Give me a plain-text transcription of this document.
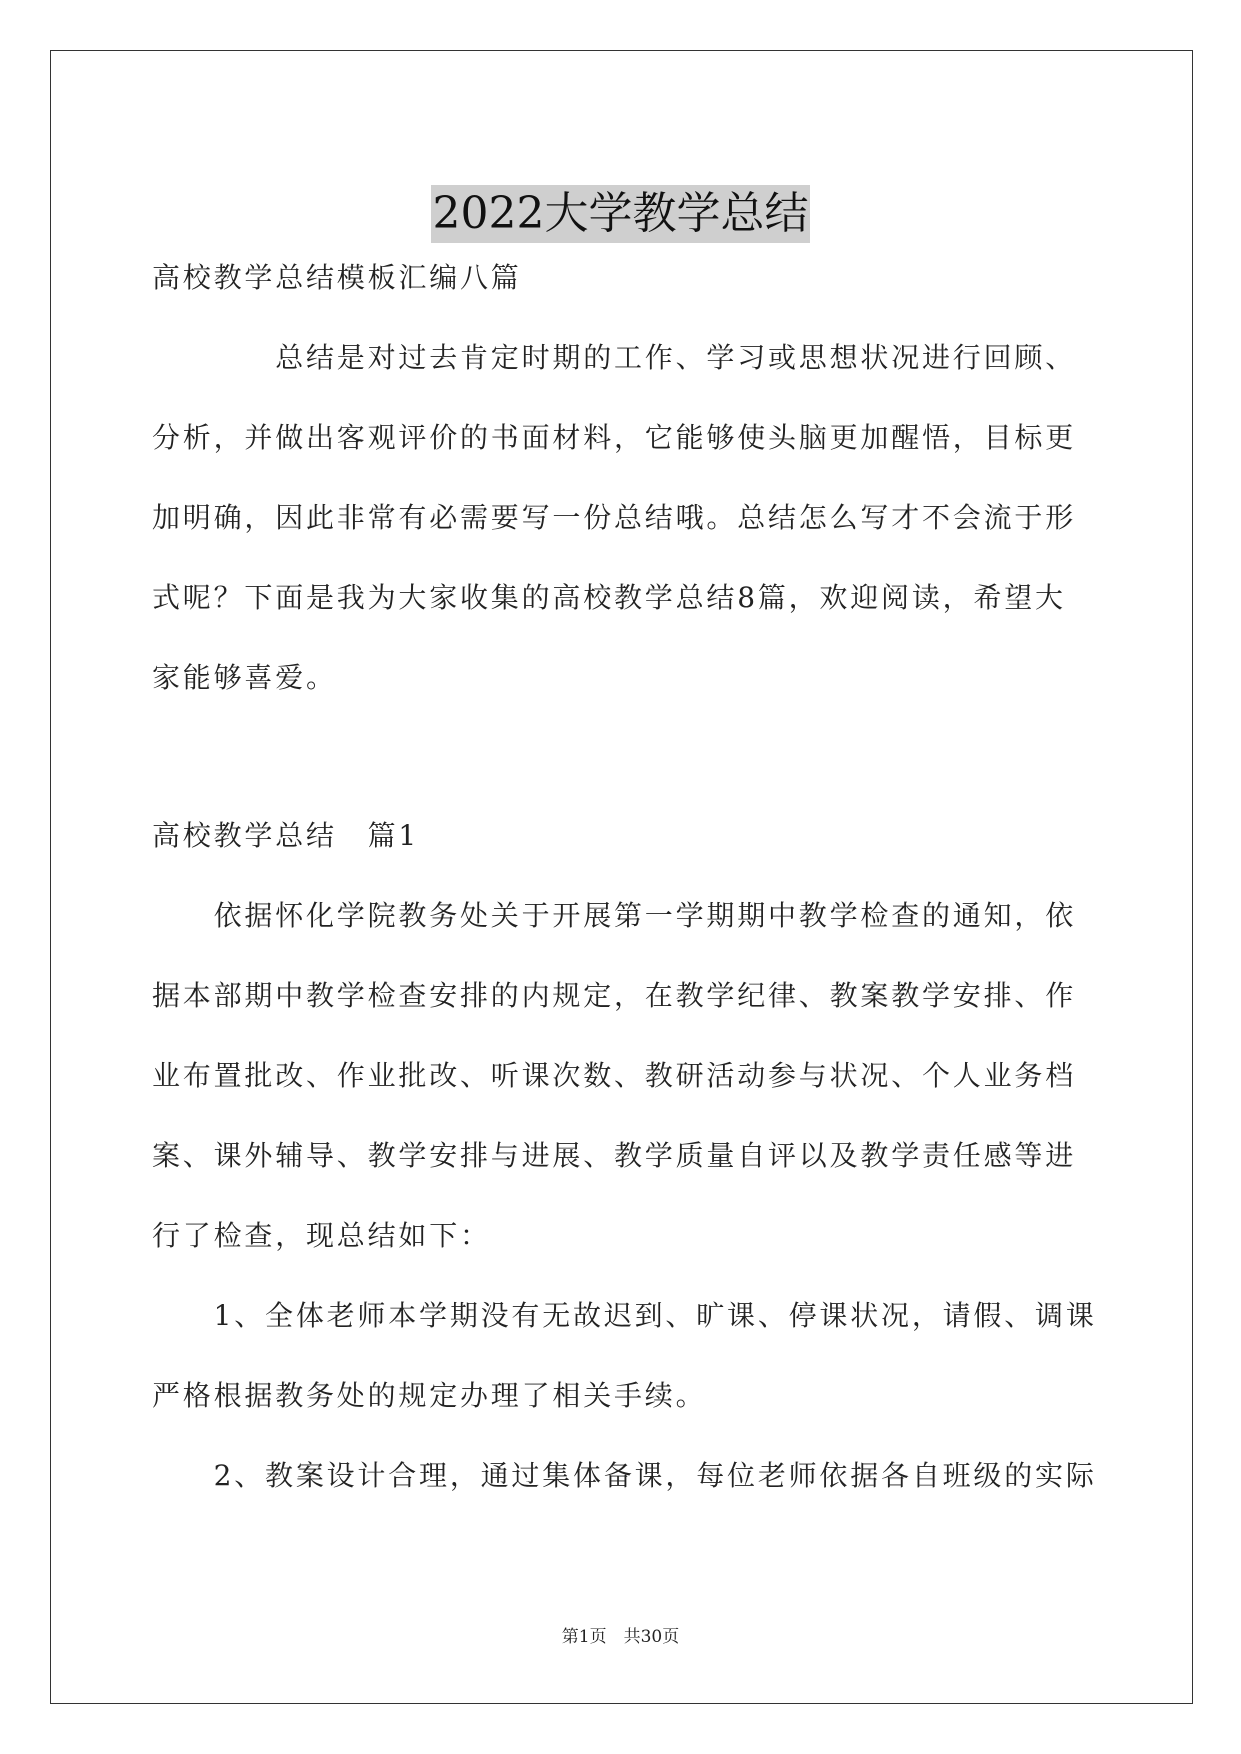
2022大学教学总结

高校教学总结模板汇编八篇

　　　　总结是对过去肯定时期的工作、学习或思想状况进行回顾、

分析，并做出客观评价的书面材料，它能够使头脑更加醒悟，目标更

加明确，因此非常有必需要写一份总结哦。总结怎么写才不会流于形

式呢？下面是我为大家收集的高校教学总结8篇，欢迎阅读，希望大

家能够喜爱。

高校教学总结　篇1

　　依据怀化学院教务处关于开展第一学期期中教学检查的通知，依

据本部期中教学检查安排的内规定，在教学纪律、教案教学安排、作

业布置批改、作业批改、听课次数、教研活动参与状况、个人业务档

案、课外辅导、教学安排与进展、教学质量自评以及教学责任感等进

行了检查，现总结如下：

　　1、全体老师本学期没有无故迟到、旷课、停课状况，请假、调课

严格根据教务处的规定办理了相关手续。

　　2、教案设计合理，通过集体备课，每位老师依据各自班级的实际

第1页　 共30页
